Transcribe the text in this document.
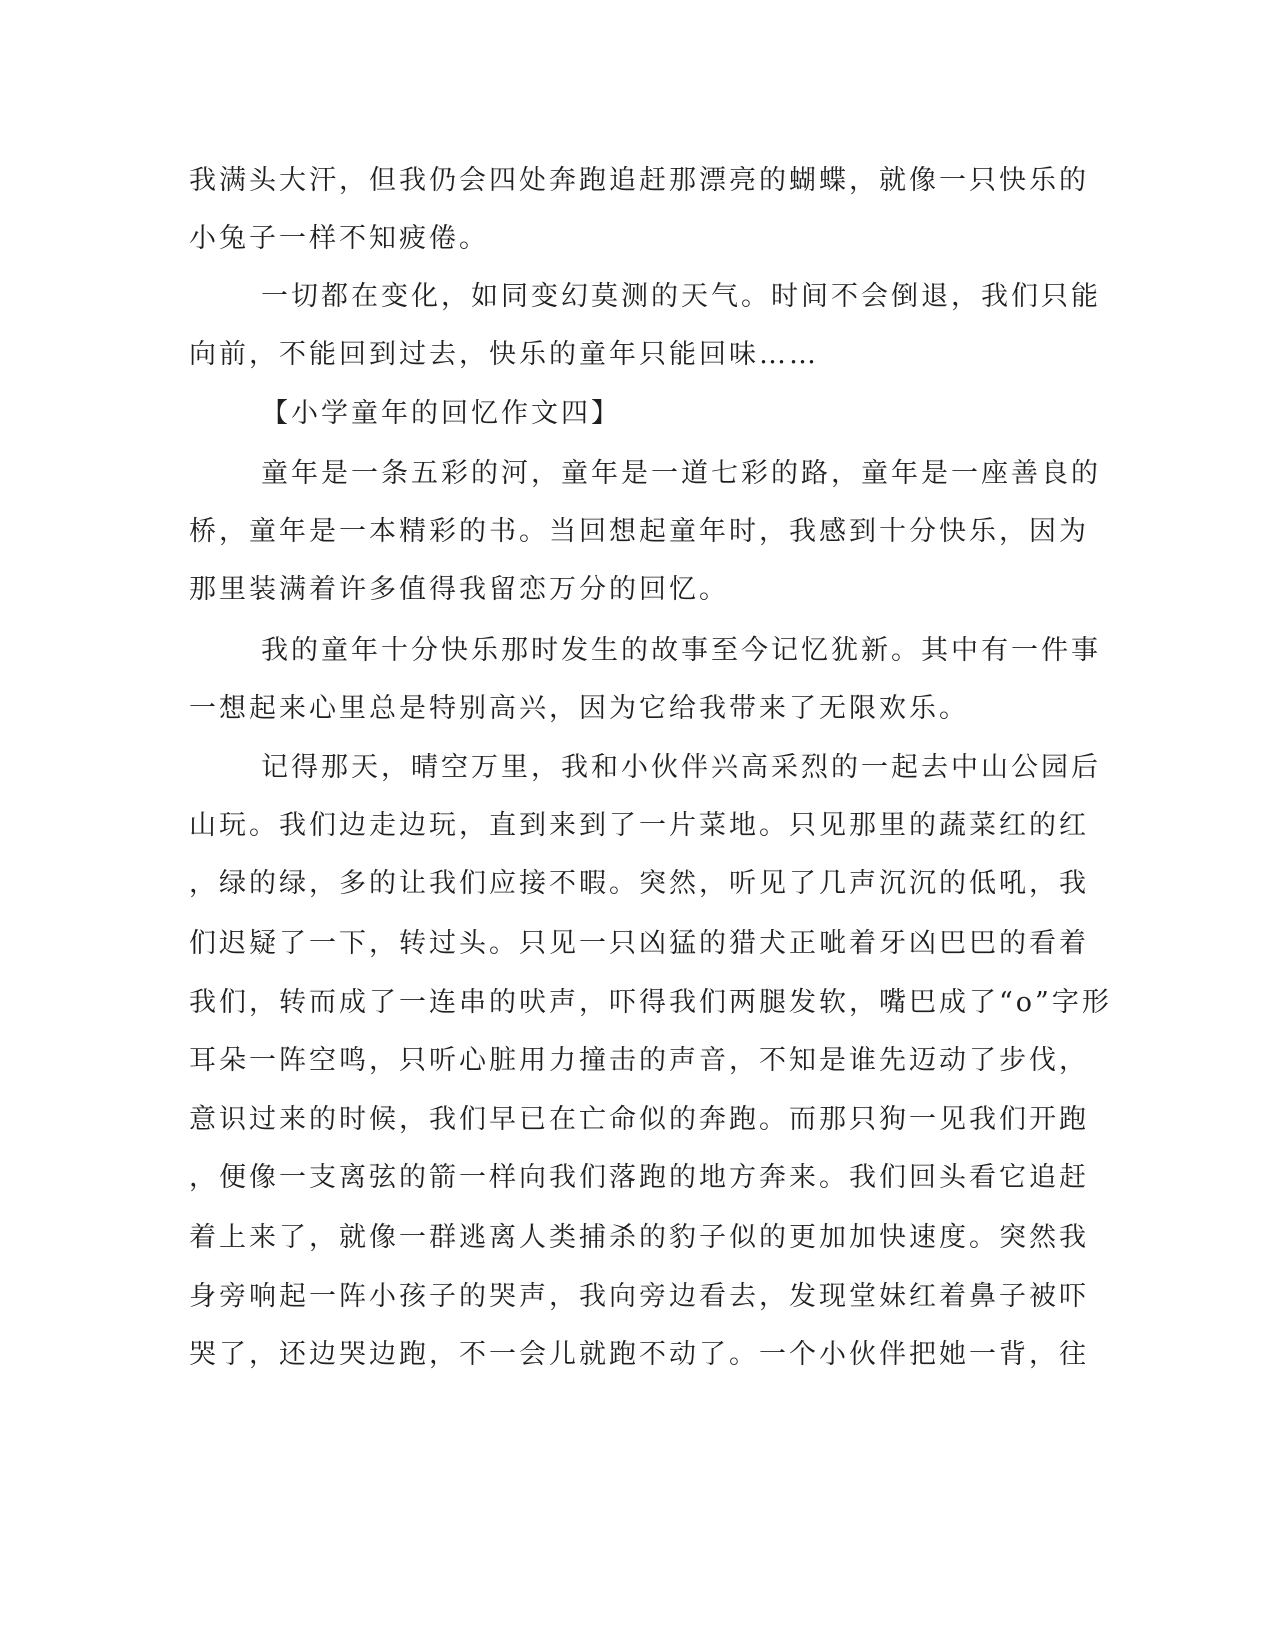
我满头大汗，但我仍会四处奔跑追赶那漂亮的蝴蝶，就像一只快乐的
小兔子一样不知疲倦。
一切都在变化，如同变幻莫测的天气。时间不会倒退，我们只能
向前，不能回到过去，快乐的童年只能回味……
【小学童年的回忆作文四】
童年是一条五彩的河，童年是一道七彩的路，童年是一座善良的
桥，童年是一本精彩的书。当回想起童年时，我感到十分快乐，因为
那里装满着许多值得我留恋万分的回忆。
我的童年十分快乐那时发生的故事至今记忆犹新。其中有一件事
一想起来心里总是特别高兴，因为它给我带来了无限欢乐。
记得那天，晴空万里，我和小伙伴兴高采烈的一起去中山公园后
山玩。我们边走边玩，直到来到了一片菜地。只见那里的蔬菜红的红
，绿的绿，多的让我们应接不暇。突然，听见了几声沉沉的低吼，我
们迟疑了一下，转过头。只见一只凶猛的猎犬正呲着牙凶巴巴的看着
我们，转而成了一连串的吠声，吓得我们两腿发软，嘴巴成了“o”字形
耳朵一阵空鸣，只听心脏用力撞击的声音，不知是谁先迈动了步伐，
意识过来的时候，我们早已在亡命似的奔跑。而那只狗一见我们开跑
，便像一支离弦的箭一样向我们落跑的地方奔来。我们回头看它追赶
着上来了，就像一群逃离人类捕杀的豹子似的更加加快速度。突然我
身旁响起一阵小孩子的哭声，我向旁边看去，发现堂妹红着鼻子被吓
哭了，还边哭边跑，不一会儿就跑不动了。一个小伙伴把她一背，往
